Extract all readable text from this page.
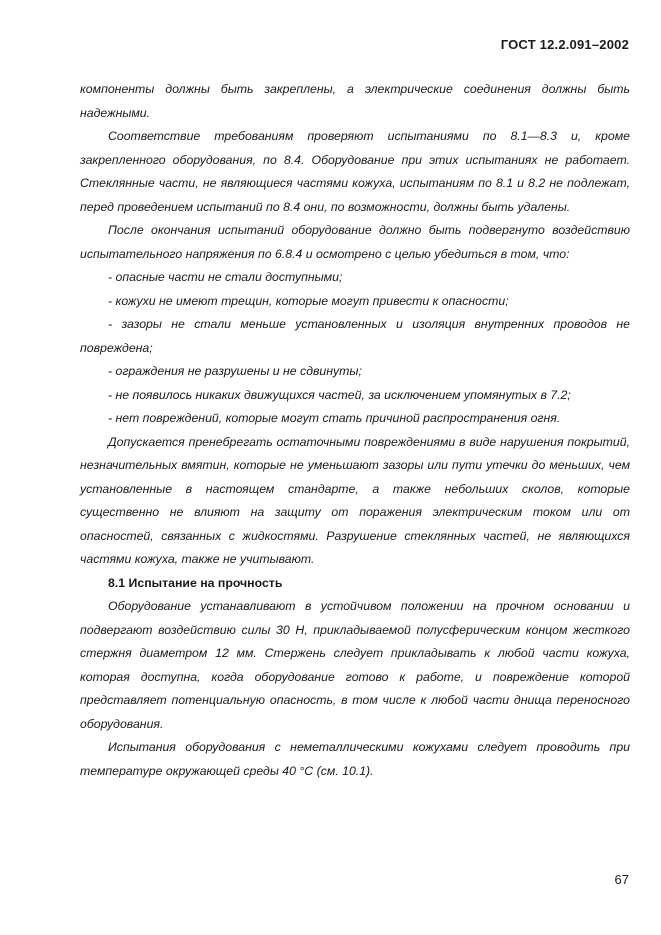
ГОСТ 12.2.091–2002

компоненты должны быть закреплены, а электрические соединения должны быть надежными.

Соответствие требованиям проверяют испытаниями по 8.1—8.3 и, кроме закрепленного оборудования, по 8.4. Оборудование при этих испытаниях не работает. Стеклянные части, не являющиеся частями кожуха, испытаниям по 8.1 и 8.2 не подлежат, перед проведением испытаний по 8.4 они, по возможности, должны быть удалены.

После окончания испытаний оборудование должно быть подвергнуто воздействию испытательного напряжения по 6.8.4 и осмотрено с целью убедиться в том, что:

- опасные части не стали доступными;

- кожухи не имеют трещин, которые могут привести к опасности;

- зазоры не стали меньше установленных и изоляция внутренних проводов не повреждена;

- ограждения не разрушены и не сдвинуты;

- не появилось никаких движущихся частей, за исключением упомянутых в 7.2;

- нет повреждений, которые могут стать причиной распространения огня.

Допускается пренебрегать остаточными повреждениями в виде нарушения покрытий, незначительных вмятин, которые не уменьшают зазоры или пути утечки до меньших, чем установленные в настоящем стандарте, а также небольших сколов, которые существенно не влияют на защиту от поражения электрическим током или от опасностей, связанных с жидкостями. Разрушение стеклянных частей, не являющихся частями кожуха, также не учитывают.

8.1 Испытание на прочность

Оборудование устанавливают в устойчивом положении на прочном основании и подвергают воздействию силы 30 Н, прикладываемой полусферическим концом жесткого стержня диаметром 12 мм. Стержень следует прикладывать к любой части кожуха, которая доступна, когда оборудование готово к работе, и повреждение которой представляет потенциальную опасность, в том числе к любой части днища переносного оборудования.

Испытания оборудования с неметаллическими кожухами следует проводить при температуре окружающей среды 40 °С (см. 10.1).

67
